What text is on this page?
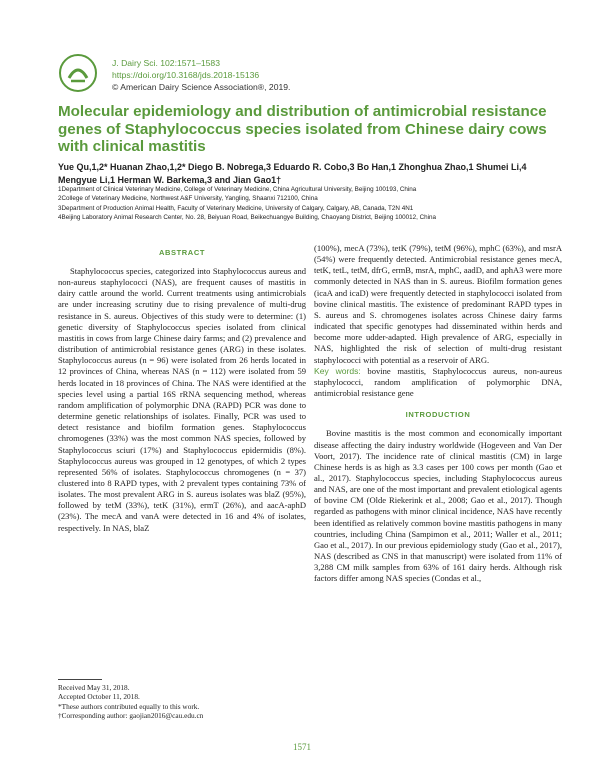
J. Dairy Sci. 102:1571–1583
https://doi.org/10.3168/jds.2018-15136
© American Dairy Science Association®, 2019.
Molecular epidemiology and distribution of antimicrobial resistance genes of Staphylococcus species isolated from Chinese dairy cows with clinical mastitis
Yue Qu,1,2* Huanan Zhao,1,2* Diego B. Nobrega,3 Eduardo R. Cobo,3 Bo Han,1 Zhonghua Zhao,1 Shumei Li,4
Mengyue Li,1 Herman W. Barkema,3 and Jian Gao1†
1Department of Clinical Veterinary Medicine, College of Veterinary Medicine, China Agricultural University, Beijing 100193, China
2College of Veterinary Medicine, Northwest A&F University, Yangling, Shaanxi 712100, China
3Department of Production Animal Health, Faculty of Veterinary Medicine, University of Calgary, Calgary, AB, Canada, T2N 4N1
4Beijing Laboratory Animal Research Center, No. 28, Beiyuan Road, Beikechuangye Building, Chaoyang District, Beijing 100012, China
ABSTRACT

Staphylococcus species, categorized into Staphylococcus aureus and non-aureus staphylococci (NAS), are frequent causes of mastitis in dairy cattle around the world. Current treatments using antimicrobials are under increasing scrutiny due to rising prevalence of multi-drug resistance in S. aureus. Objectives of this study were to determine: (1) genetic diversity of Staphylococcus species isolated from clinical mastitis in cows from large Chinese dairy farms; and (2) prevalence and distribution of antimicrobial resistance genes (ARG) in these isolates. Staphylococcus aureus (n = 96) were isolated from 26 herds located in 12 provinces of China, whereas NAS (n = 112) were isolated from 59 herds located in 18 provinces of China. The NAS were identified at the species level using a partial 16S rRNA sequencing method, whereas random amplification of polymorphic DNA (RAPD) PCR was done to determine genetic relationships of isolates. Finally, PCR was used to detect resistance and biofilm formation genes. Staphylococcus chromogenes (33%) was the most common NAS species, followed by Staphylococcus sciuri (17%) and Staphylococcus epidermidis (8%). Staphylococcus aureus was grouped in 12 genotypes, of which 2 types represented 56% of isolates. Staphylococcus chromogenes (n = 37) clustered into 8 RAPD types, with 2 prevalent types containing 73% of isolates. The most prevalent ARG in S. aureus isolates was blaZ (95%), followed by tetM (33%), tetK (31%), ermT (26%), and aacA-aphD (23%). The mecA and vanA were detected in 16 and 4% of isolates, respectively. In NAS, blaZ

(100%), mecA (73%), tetK (79%), tetM (96%), mphC (63%), and msrA (54%) were frequently detected. Antimicrobial resistance genes mecA, tetK, tetL, tetM, dfrG, ermB, msrA, mphC, aadD, and aphA3 were more commonly detected in NAS than in S. aureus. Biofilm formation genes (icaA and icaD) were frequently detected in staphylococci isolated from bovine clinical mastitis. The existence of predominant RAPD types in S. aureus and S. chromogenes isolates across Chinese dairy farms indicated that specific genotypes had disseminated within herds and become more udder-adapted. High prevalence of ARG, especially in NAS, highlighted the risk of selection of multi-drug resistant staphylococci with potential as a reservoir of ARG.

Key words: bovine mastitis, Staphylococcus aureus, non-aureus staphylococci, random amplification of polymorphic DNA, antimicrobial resistance gene

INTRODUCTION

Bovine mastitis is the most common and economically important disease affecting the dairy industry worldwide (Hogeveen and Van Der Voort, 2017). The incidence rate of clinical mastitis (CM) in large Chinese herds is as high as 3.3 cases per 100 cows per month (Gao et al., 2017). Staphylococcus species, including Staphylococcus aureus and NAS, are one of the most important and prevalent etiological agents of bovine CM (Olde Riekerink et al., 2008; Gao et al., 2017). Though regarded as pathogens with minor clinical incidence, NAS have recently been identified as relatively common bovine mastitis pathogens in many countries, including China (Sampimon et al., 2011; Waller et al., 2011; Gao et al., 2017). In our previous epidemiology study (Gao et al., 2017), NAS (described as CNS in that manuscript) were isolated from 11% of 3,288 CM milk samples from 63% of 161 dairy herds. Although risk factors differ among NAS species (Condas et al.,

Received May 31, 2018.
Accepted October 11, 2018.
*These authors contributed equally to this work.
†Corresponding author: gaojian2016@cau.edu.cn
1571
